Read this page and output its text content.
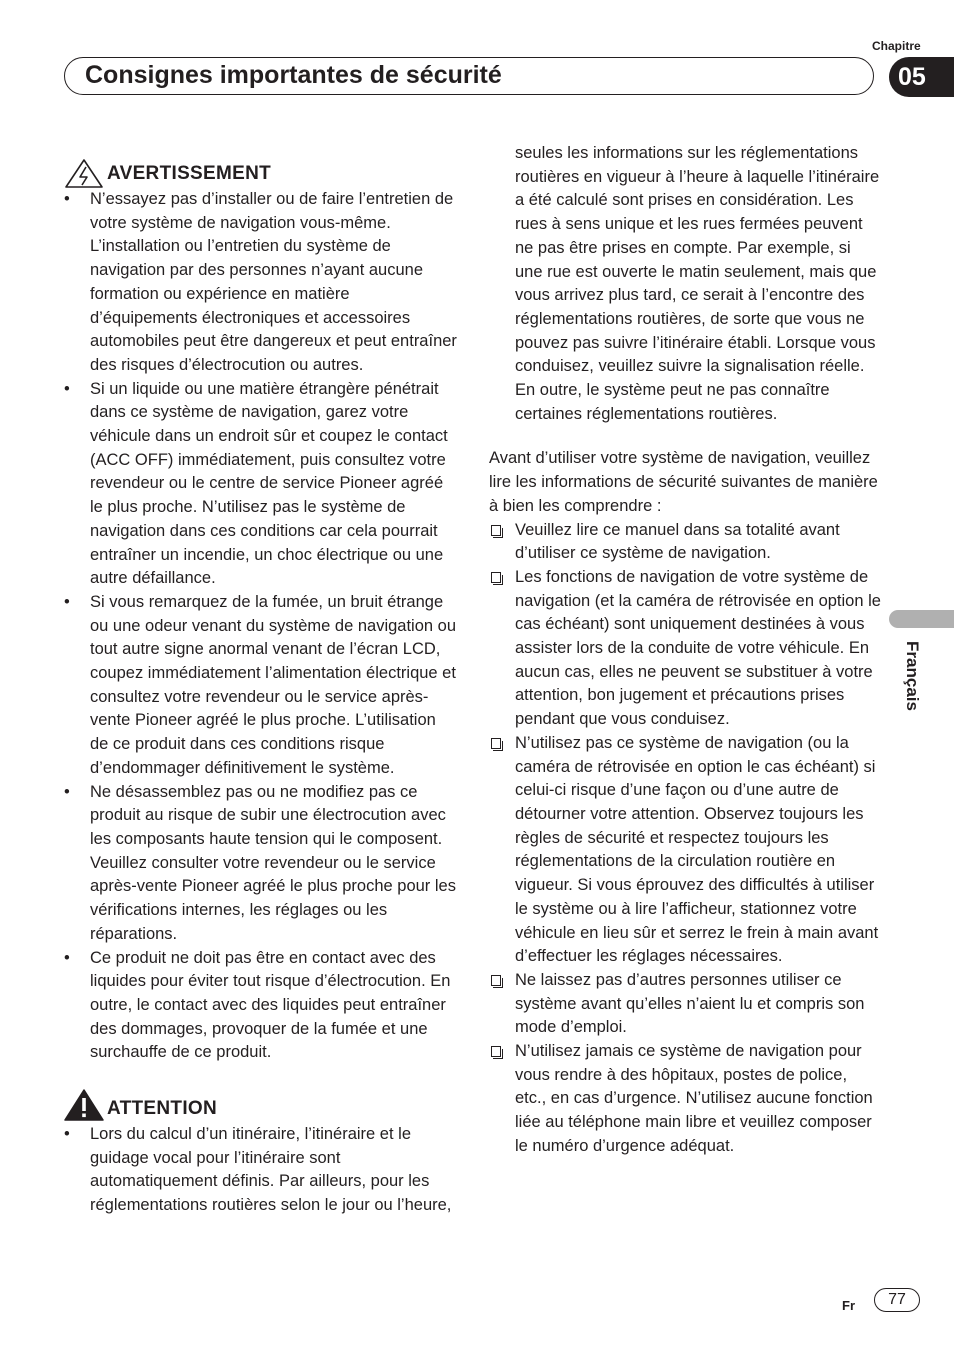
Chapitre
Consignes importantes de sécurité	05
Français
AVERTISSEMENT
• N’essayez pas d’installer ou de faire l’entretien de votre système de navigation vous-même. L’installation ou l’entretien du système de navigation par des personnes n’ayant aucune formation ou expérience en matière d’équipements électroniques et accessoires automobiles peut être dangereux et peut entraîner des risques d’électrocution ou autres.
• Si un liquide ou une matière étrangère pénétrait dans ce système de navigation, garez votre véhicule dans un endroit sûr et coupez le contact (ACC OFF) immédiatement, puis consultez votre revendeur ou le centre de service Pioneer agréé le plus proche. N’utilisez pas le système de navigation dans ces conditions car cela pourrait entraîner un incendie, un choc électrique ou une autre défaillance.
• Si vous remarquez de la fumée, un bruit étrange ou une odeur venant du système de navigation ou tout autre signe anormal venant de l’écran LCD, coupez immédiatement l’alimentation électrique et consultez votre revendeur ou le service après-vente Pioneer agréé le plus proche. L’utilisation de ce produit dans ces conditions risque d’endommager définitivement le système.
• Ne désassemblez pas ou ne modifiez pas ce produit au risque de subir une électrocution avec les composants haute tension qui le composent. Veuillez consulter votre revendeur ou le service après-vente Pioneer agréé le plus proche pour les vérifications internes, les réglages ou les réparations.
• Ce produit ne doit pas être en contact avec des liquides pour éviter tout risque d’électrocution. En outre, le contact avec des liquides peut entraîner des dommages, provoquer de la fumée et une surchauffe de ce produit.
ATTENTION
• Lors du calcul d’un itinéraire, l’itinéraire et le guidage vocal pour l’itinéraire sont automatiquement définis. Par ailleurs, pour les réglementations routières selon le jour ou l’heure,
seules les informations sur les réglementations routières en vigueur à l’heure à laquelle l’itinéraire a été calculé sont prises en considération. Les rues à sens unique et les rues fermées peuvent ne pas être prises en compte. Par exemple, si une rue est ouverte le matin seulement, mais que vous arrivez plus tard, ce serait à l’encontre des réglementations routières, de sorte que vous ne pouvez pas suivre l’itinéraire établi. Lorsque vous conduisez, veuillez suivre la signalisation réelle. En outre, le système peut ne pas connaître certaines réglementations routières.
Avant d’utiliser votre système de navigation, veuillez lire les informations de sécurité suivantes de manière à bien les comprendre :
Veuillez lire ce manuel dans sa totalité avant d’utiliser ce système de navigation.
Les fonctions de navigation de votre système de navigation (et la caméra de rétrovisée en option le cas échéant) sont uniquement destinées à vous assister lors de la conduite de votre véhicule. En aucun cas, elles ne peuvent se substituer à votre attention, bon jugement et précautions prises pendant que vous conduisez.
N’utilisez pas ce système de navigation (ou la caméra de rétrovisée en option le cas échéant) si celui-ci risque d’une façon ou d’une autre de détourner votre attention. Observez toujours les règles de sécurité et respectez toujours les réglementations de la circulation routière en vigueur. Si vous éprouvez des difficultés à utiliser le système ou à lire l’afficheur, stationnez votre véhicule en lieu sûr et serrez le frein à main avant d’effectuer les réglages nécessaires.
Ne laissez pas d’autres personnes utiliser ce système avant qu’elles n’aient lu et compris son mode d’emploi.
N’utilisez jamais ce système de navigation pour vous rendre à des hôpitaux, postes de police, etc., en cas d’urgence. N’utilisez aucune fonction liée au téléphone main libre et veuillez composer le numéro d’urgence adéquat.
Fr	77
